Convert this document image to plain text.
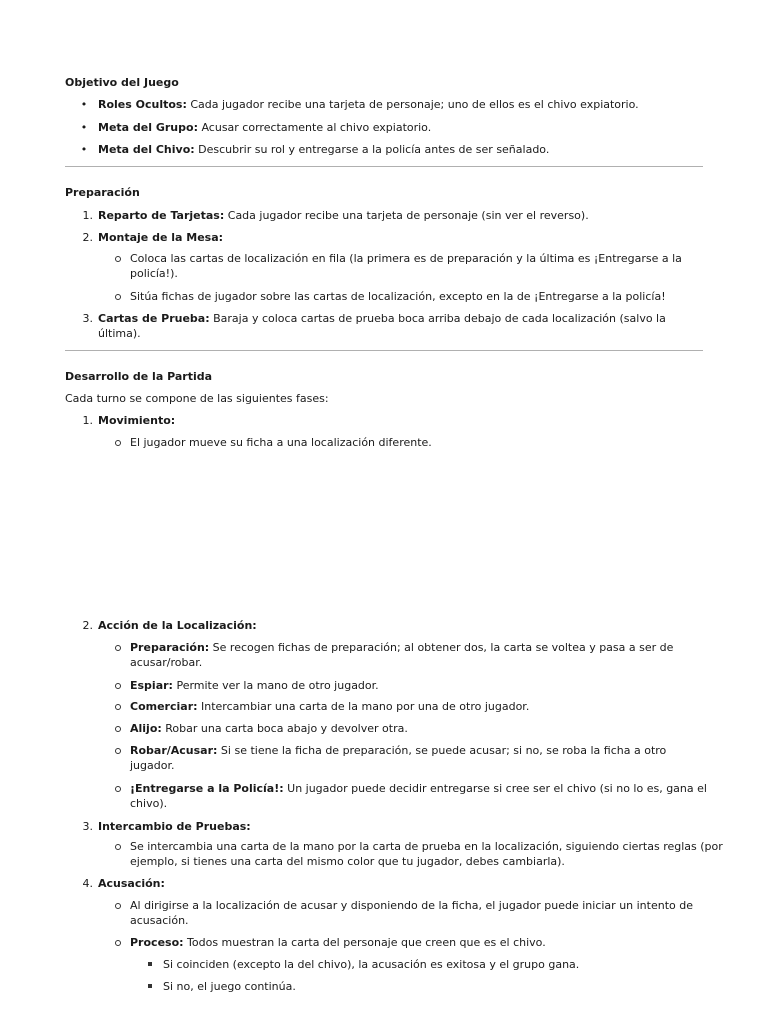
Objetivo del Juego

• Roles Ocultos: Cada jugador recibe una tarjeta de personaje; uno de ellos es el chivo expiatorio.
• Meta del Grupo: Acusar correctamente al chivo expiatorio.
• Meta del Chivo: Descubrir su rol y entregarse a la policía antes de ser señalado.

Preparación

1. Reparto de Tarjetas: Cada jugador recibe una tarjeta de personaje (sin ver el reverso).
2. Montaje de la Mesa:
Coloca las cartas de localización en fila (la primera es de preparación y la última es ¡Entregarse a la policía!).
Sitúa fichas de jugador sobre las cartas de localización, excepto en la de ¡Entregarse a la policía!
3. Cartas de Prueba: Baraja y coloca cartas de prueba boca arriba debajo de cada localización (salvo la última).

Desarrollo de la Partida

Cada turno se compone de las siguientes fases:

1. Movimiento:
El jugador mueve su ficha a una localización diferente.
2. Acción de la Localización:
Preparación: Se recogen fichas de preparación; al obtener dos, la carta se voltea y pasa a ser de acusar/robar.
Espiar: Permite ver la mano de otro jugador.
Comerciar: Intercambiar una carta de la mano por una de otro jugador.
Alijo: Robar una carta boca abajo y devolver otra.
Robar/Acusar: Si se tiene la ficha de preparación, se puede acusar; si no, se roba la ficha a otro jugador.
¡Entregarse a la Policía!: Un jugador puede decidir entregarse si cree ser el chivo (si no lo es, gana el chivo).
3. Intercambio de Pruebas:
Se intercambia una carta de la mano por la carta de prueba en la localización, siguiendo ciertas reglas (por ejemplo, si tienes una carta del mismo color que tu jugador, debes cambiarla).
4. Acusación:
Al dirigirse a la localización de acusar y disponiendo de la ficha, el jugador puede iniciar un intento de acusación.
Proceso: Todos muestran la carta del personaje que creen que es el chivo.
Si coinciden (excepto la del chivo), la acusación es exitosa y el grupo gana.
Si no, el juego continúa.
